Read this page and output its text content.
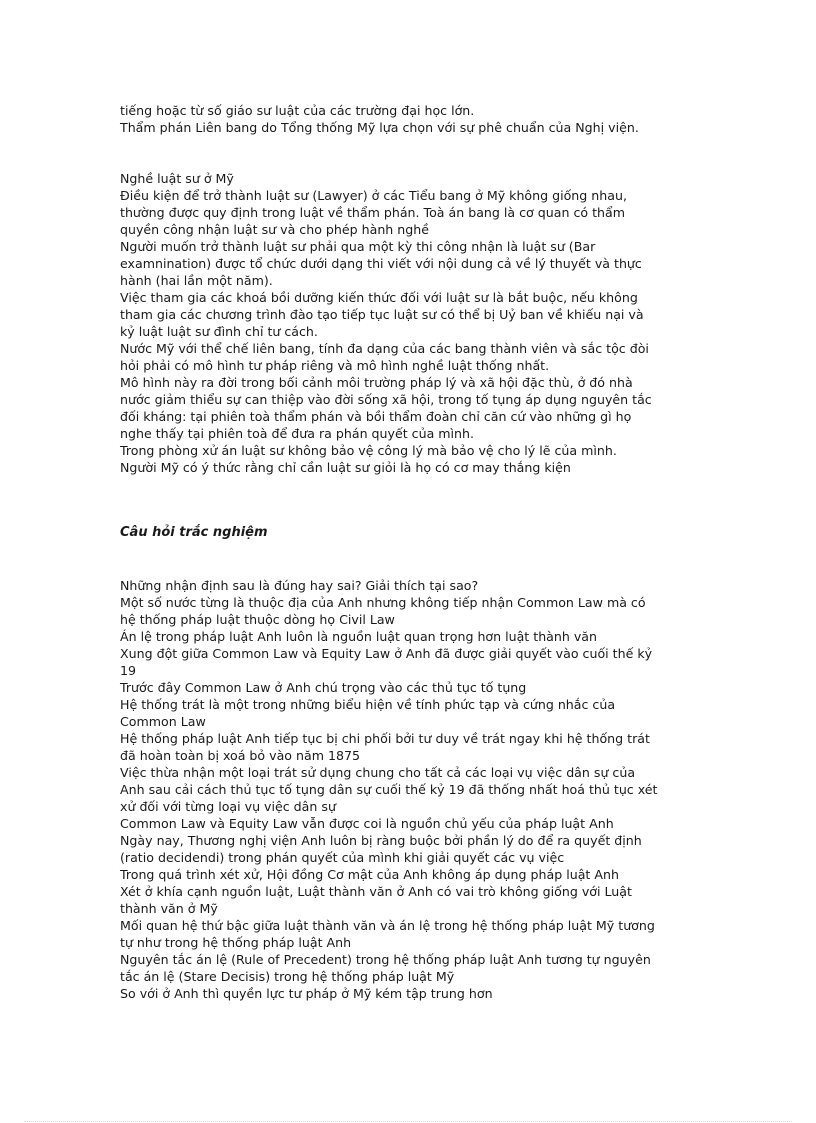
tiếng hoặc từ số giáo sư luật của các trường đại học lớn.
Thẩm phán Liên bang do Tổng thống Mỹ lựa chọn với sự phê chuẩn của Nghị viện.
Nghề luật sư ở Mỹ
Điều kiện để trở thành luật sư (Lawyer) ở các Tiểu bang ở Mỹ không giống nhau,
thường được quy định trong luật về thẩm phán. Toà án bang là cơ quan có thẩm
quyền công nhận luật sư và cho phép hành nghề
Người muốn trở thành luật sư phải qua một kỳ thi công nhận là luật sư (Bar
examnination) được tổ chức dưới dạng thi viết với nội dung cả về lý thuyết và thực
hành (hai lần một năm).
Việc tham gia các khoá bồi dưỡng kiến thức đối với luật sư là bắt buộc, nếu không
tham gia các chương trình đào tạo tiếp tục luật sư có thể bị Uỷ ban về khiếu nại và
kỷ luật luật sư đình chỉ tư cách.
Nước Mỹ với thể chế liên bang, tính đa dạng của các bang thành viên và sắc tộc đòi
hỏi phải có mô hình tư pháp riêng và mô hình nghề luật thống nhất.
Mô hình này ra đời trong bối cảnh môi trường pháp lý và xã hội đặc thù, ở đó nhà
nước giảm thiểu sự can thiệp vào đời sống xã hội, trong tố tụng áp dụng nguyên tắc
đối kháng: tại phiên toà thẩm phán và bồi thẩm đoàn chỉ căn cứ vào những gì họ
nghe thấy tại phiên toà để đưa ra phán quyết của mình.
Trong phòng xử án luật sư không bảo vệ công lý mà bảo vệ cho lý lẽ của mình.
Người Mỹ có ý thức rằng chỉ cần luật sư giỏi là họ có cơ may thắng kiện
Câu hỏi trắc nghiệm
Những nhận định sau là đúng hay sai? Giải thích tại sao?
Một số nước từng là thuộc địa của Anh nhưng không tiếp nhận Common Law mà có
hệ thống pháp luật thuộc dòng họ Civil Law
Án lệ trong pháp luật Anh luôn là nguồn luật quan trọng hơn luật thành văn
Xung đột giữa Common Law và Equity Law ở Anh đã được giải quyết vào cuối thế kỷ
19
Trước đây Common Law ở Anh chú trọng vào các thủ tục tố tụng
Hệ thống trát là một trong những biểu hiện về tính phức tạp và cứng nhắc của
Common Law
Hệ thống pháp luật Anh tiếp tục bị chi phối bởi tư duy về trát ngay khi hệ thống trát
đã hoàn toàn bị xoá bỏ vào năm 1875
Việc thừa nhận một loại trát sử dụng chung cho tất cả các loại vụ việc dân sự của
Anh sau cải cách thủ tục tố tụng dân sự cuối thế kỷ 19 đã thống nhất hoá thủ tục xét
xử đối với từng loại vụ việc dân sự
Common Law và Equity Law vẫn được coi là nguồn chủ yếu của pháp luật Anh
Ngày nay, Thương nghị viện Anh luôn bị ràng buộc bởi phần lý do để ra quyết định
(ratio decidendi) trong phán quyết của mình khi giải quyết các vụ việc
Trong quá trình xét xử, Hội đồng Cơ mật của Anh không áp dụng pháp luật Anh
Xét ở khía cạnh nguồn luật, Luật thành văn ở Anh có vai trò không giống với Luật
thành văn ở Mỹ
Mối quan hệ thứ bậc giữa luật thành văn và án lệ trong hệ thống pháp luật Mỹ tương
tự như trong hệ thống pháp luật Anh
Nguyên tắc án lệ (Rule of Precedent) trong hệ thống pháp luật Anh tương tự nguyên
tắc án lệ (Stare Decisis) trong hệ thống pháp luật Mỹ
So với ở Anh thì quyền lực tư pháp ở Mỹ kém tập trung hơn
